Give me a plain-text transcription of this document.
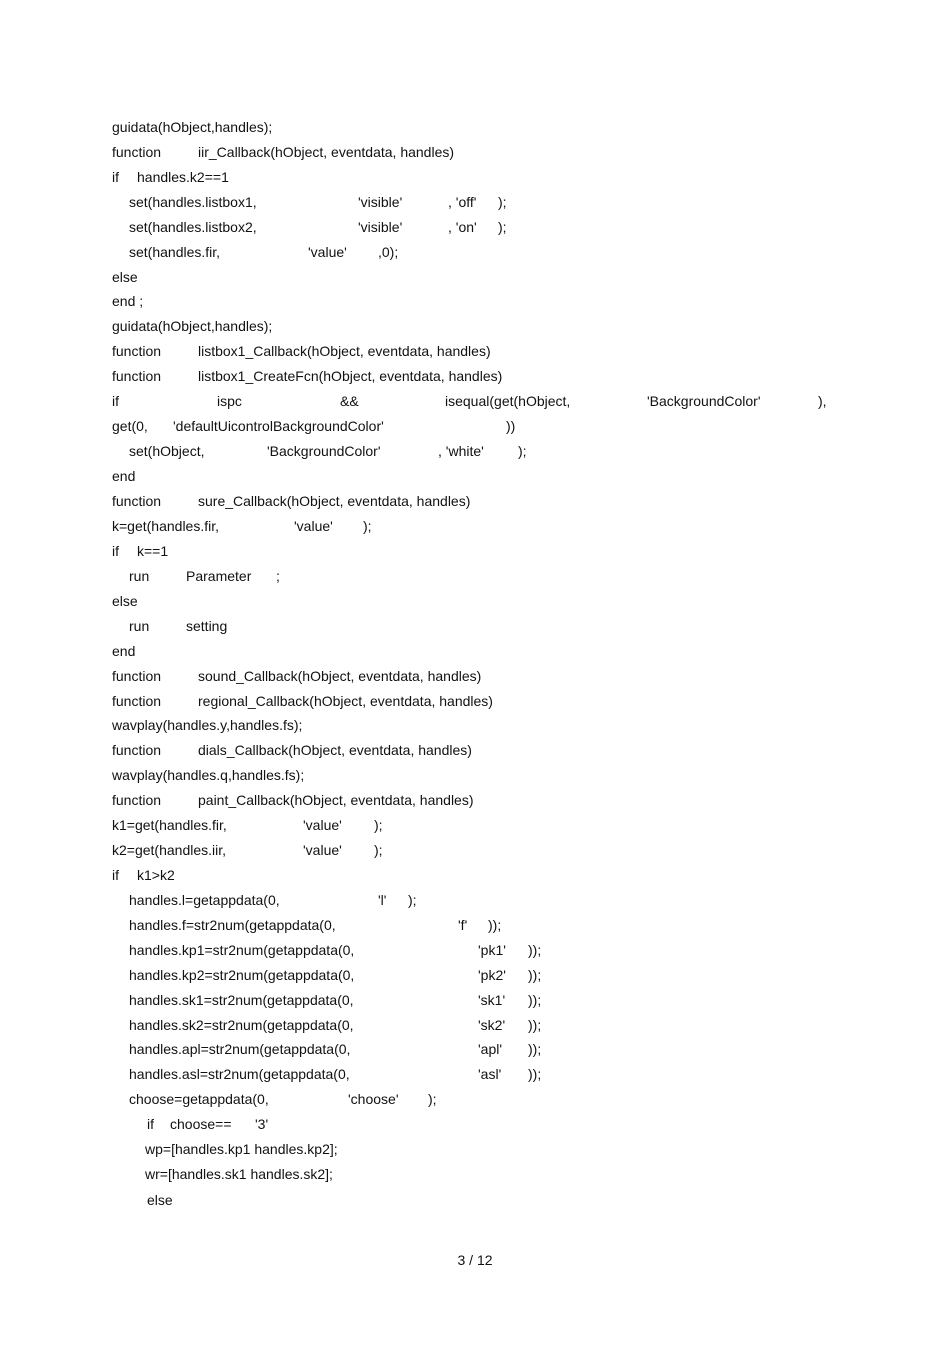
guidata(hObject,handles);
function	iir_Callback(hObject, eventdata, handles)
if handles.k2==1
set(handles.listbox1,	'visible'	, 'off' );
set(handles.listbox2,	'visible'	, 'on' );
set(handles.fir,	'value' ,0);
else
end ;
guidata(hObject,handles);
function	listbox1_Callback(hObject, eventdata, handles)
function	listbox1_CreateFcn(hObject, eventdata, handles)
if	ispc	&&	isequal(get(hObject,	'BackgroundColor'	),
get(0, 'defaultUicontrolBackgroundColor'	))
set(hObject,	'BackgroundColor'	, 'white' );
end
function	sure_Callback(hObject, eventdata, handles)
k=get(handles.fir,	'value' );
if k==1
run	Parameter ;
else
run	setting
end
function	sound_Callback(hObject, eventdata, handles)
function	regional_Callback(hObject, eventdata, handles)
wavplay(handles.y,handles.fs);
function	dials_Callback(hObject, eventdata, handles)
wavplay(handles.q,handles.fs);
function	paint_Callback(hObject, eventdata, handles)
k1=get(handles.fir,	'value' );
k2=get(handles.iir,	'value' );
if k1>k2
handles.l=getappdata(0,	'l' );
handles.f=str2num(getappdata(0,	'f' ));
handles.kp1=str2num(getappdata(0,	'pk1' ));
handles.kp2=str2num(getappdata(0,	'pk2' ));
handles.sk1=str2num(getappdata(0,	'sk1' ));
handles.sk2=str2num(getappdata(0,	'sk2' ));
handles.apl=str2num(getappdata(0,	'apl' ));
handles.asl=str2num(getappdata(0,	'asl' ));
choose=getappdata(0,	'choose' );
if choose== '3'
wp=[handles.kp1 handles.kp2];
wr=[handles.sk1 handles.sk2];
else
3 / 12
